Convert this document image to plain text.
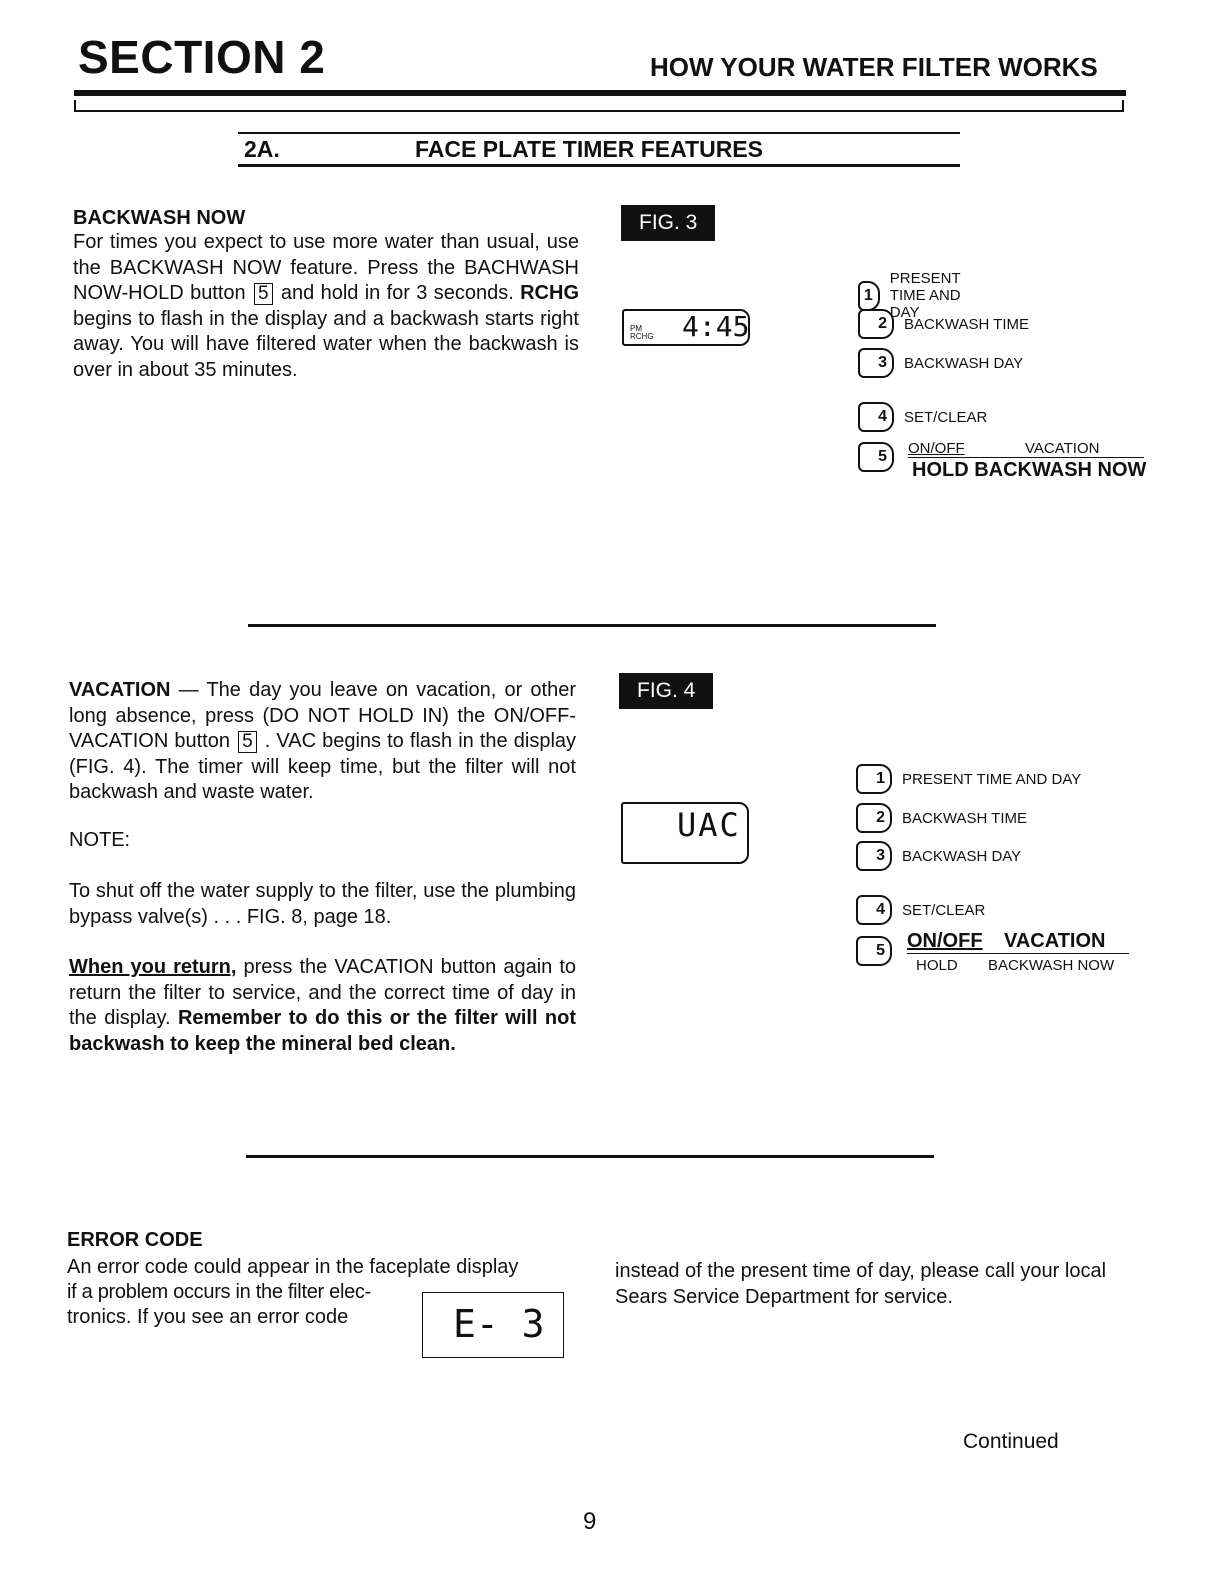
SECTION 2	HOW YOUR WATER FILTER WORKS
2A.	FACE PLATE TIMER FEATURES
BACKWASH NOW
For times you expect to use more water than usual, use the BACKWASH NOW feature. Press the BACHWASH NOW-HOLD button 5 and hold in for 3 seconds. RCHG begins to flash in the display and a backwash starts right away. You will have filtered water when the backwash is over in about 35 minutes.
FIG. 3
PM
RCHG 4:45
1
PRESENT TIME AND DAY
2	BACKWASH TIME
3	BACKWASH DAY
4	SET/CLEAR
5	ON/OFF	VACATION
HOLD BACKWASH NOW
VACATION — The day you leave on vacation, or other long absence, press (DO NOT HOLD IN) the ON/OFF-VACATION button 5 . VAC begins to flash in the display (FIG. 4). The timer will keep time, but the filter will not backwash and waste water.
NOTE:
To shut off the water supply to the filter, use the plumbing bypass valve(s) . . . FIG. 8, page 18.
When you return, press the VACATION button again to return the filter to service, and the correct time of day in the display. Remember to do this or the filter will not backwash to keep the mineral bed clean.
FIG. 4
UAC
1	PRESENT TIME AND DAY
2	BACKWASH TIME
3	BACKWASH DAY
4	SET/CLEAR
5	ON/OFF VACATION
HOLD BACKWASH NOW
ERROR CODE
An error code could appear in the faceplate display
if a problem occurs in the filter elec-
tronics. If you see an error code	E- 3
instead of the present time of day, please call your local Sears Service Department for service.
Continued
9
